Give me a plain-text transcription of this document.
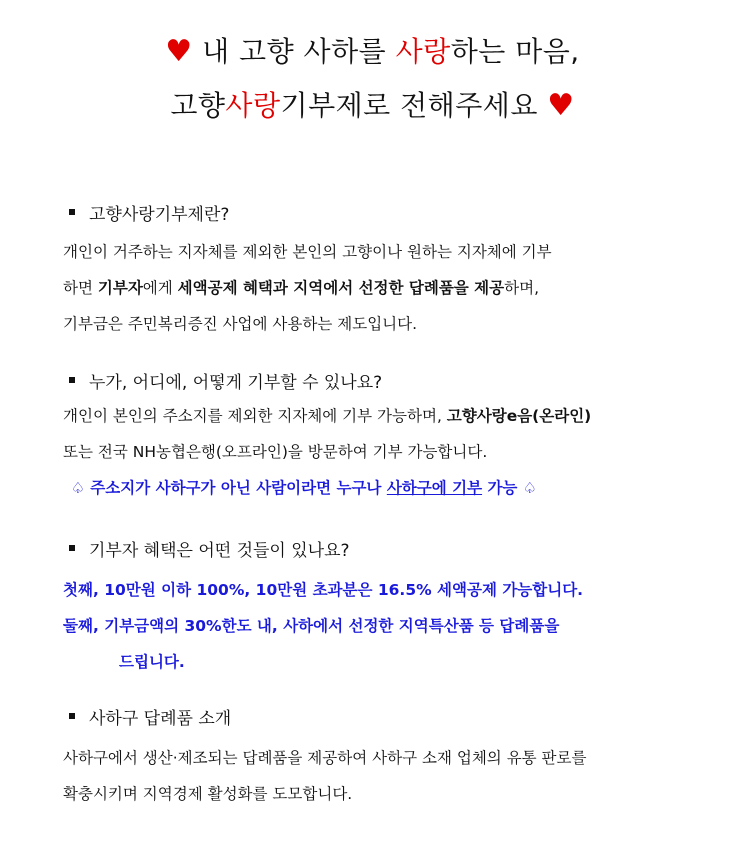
♥ 내 고향 사하를 사랑하는 마음,
고향사랑기부제로 전해주세요 ♥
고향사랑기부제란?
개인이 거주하는 지자체를 제외한 본인의 고향이나 원하는 지자체에 기부
하면 기부자에게 세액공제 혜택과 지역에서 선정한 답례품을 제공하며,
기부금은 주민복리증진 사업에 사용하는 제도입니다.
누가, 어디에, 어떻게 기부할 수 있나요?
개인이 본인의 주소지를 제외한 지자체에 기부 가능하며, 고향사랑e음(온라인)
또는 전국 NH농협은행(오프라인)을 방문하여 기부 가능합니다.
♤ 주소지가 사하구가 아닌 사람이라면 누구나 사하구에 기부 가능 ♤
기부자 혜택은 어떤 것들이 있나요?
첫째, 10만원 이하 100%, 10만원 초과분은 16.5% 세액공제 가능합니다.
둘째, 기부금액의 30%한도 내, 사하에서 선정한 지역특산품 등 답례품을
드립니다.
사하구 답례품 소개
사하구에서 생산·제조되는 답례품을 제공하여 사하구 소재 업체의 유통 판로를
확충시키며 지역경제 활성화를 도모합니다.
